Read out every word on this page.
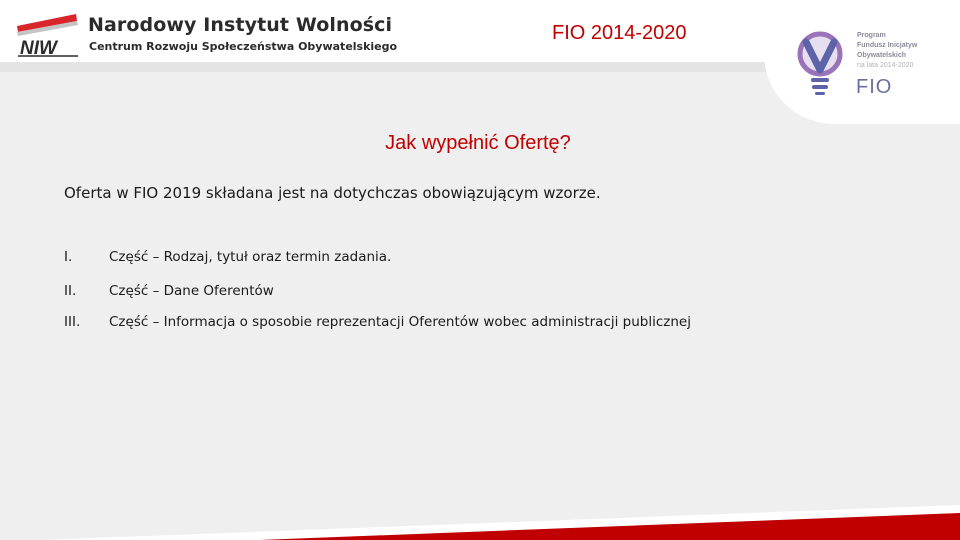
NIW
Narodowy Instytut Wolności
Centrum Rozwoju Społeczeństwa Obywatelskiego
FIO 2014-2020	Program
Fundusz Inicjatyw
Obywatelskich
na lata 2014-2020
FIO
Jak wypełnić Ofertę?
Oferta w FIO 2019 składana jest na dotychczas obowiązującym wzorze.
I.	Część – Rodzaj, tytuł oraz termin zadania.
II. Część – Dane Oferentów
III. Część – Informacja o sposobie reprezentacji Oferentów wobec administracji publicznej
